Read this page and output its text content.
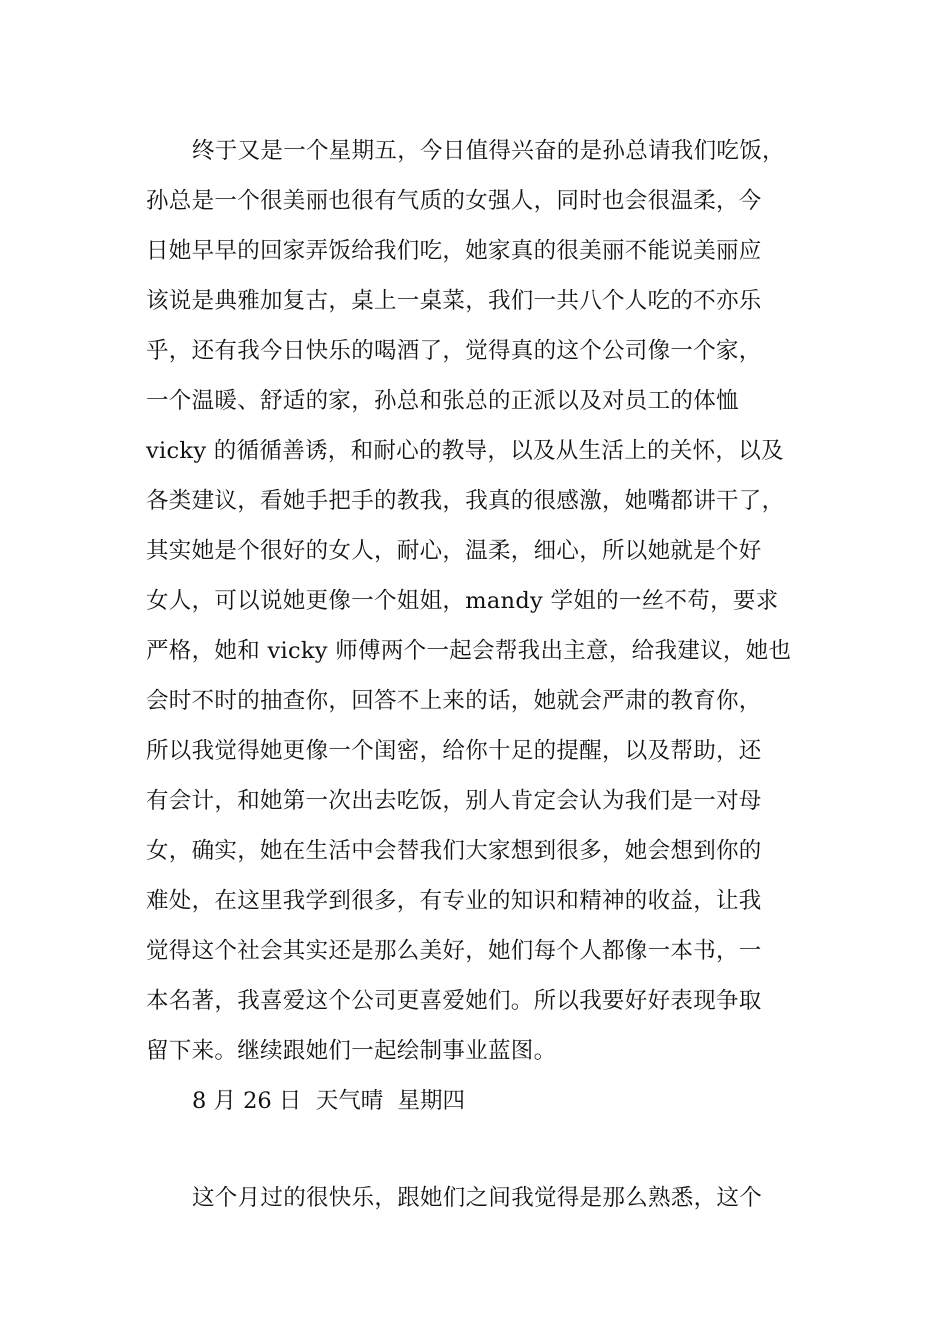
终于又是一个星期五，今日值得兴奋的是孙总请我们吃饭，
孙总是一个很美丽也很有气质的女强人，同时也会很温柔，今
日她早早的回家弄饭给我们吃，她家真的很美丽不能说美丽应
该说是典雅加复古，桌上一桌菜，我们一共八个人吃的不亦乐
乎，还有我今日快乐的喝酒了，觉得真的这个公司像一个家，
一个温暖、舒适的家，孙总和张总的正派以及对员工的体恤
vicky 的循循善诱，和耐心的教导，以及从生活上的关怀，以及
各类建议，看她手把手的教我，我真的很感激，她嘴都讲干了，
其实她是个很好的女人，耐心，温柔，细心，所以她就是个好
女人，可以说她更像一个姐姐，mandy 学姐的一丝不苟，要求
严格，她和 vicky 师傅两个一起会帮我出主意，给我建议，她也
会时不时的抽查你，回答不上来的话，她就会严肃的教育你，
所以我觉得她更像一个闺密，给你十足的提醒，以及帮助，还
有会计，和她第一次出去吃饭，别人肯定会认为我们是一对母
女，确实，她在生活中会替我们大家想到很多，她会想到你的
难处，在这里我学到很多，有专业的知识和精神的收益，让我
觉得这个社会其实还是那么美好，她们每个人都像一本书，一
本名著，我喜爱这个公司更喜爱她们。所以我要好好表现争取
留下来。继续跟她们一起绘制事业蓝图。
8 月 26 日  天气晴  星期四
这个月过的很快乐，跟她们之间我觉得是那么熟悉，这个
